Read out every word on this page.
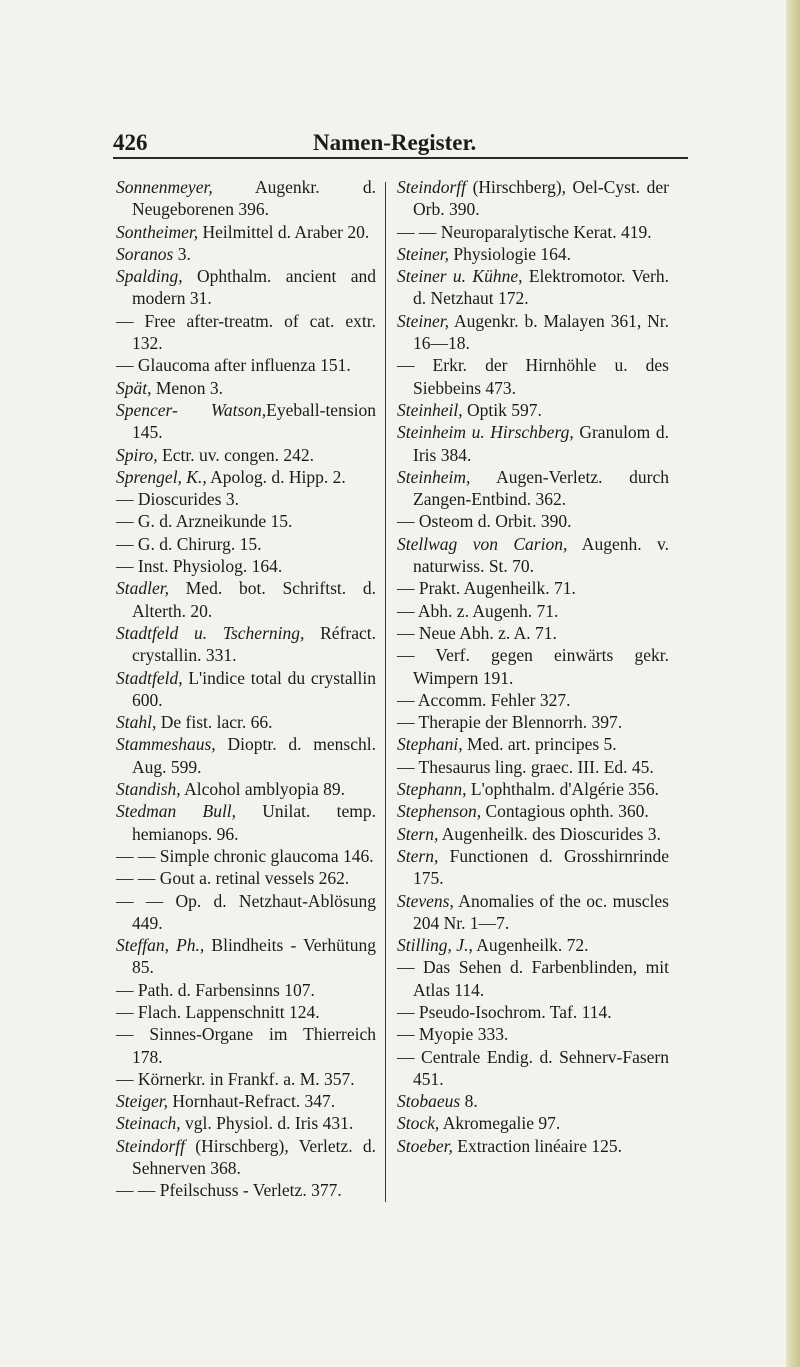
426	Namen-Register.
Sonnenmeyer, Augenkr. d. Neugeborenen 396.
Sontheimer, Heilmittel d. Araber 20.
Soranos 3.
Spalding, Ophthalm. ancient and modern 31.
— Free after-treatm. of cat. extr. 132.
— Glaucoma after influenza 151.
Spät, Menon 3.
Spencer- Watson,Eyeball-tension 145.
Spiro, Ectr. uv. congen. 242.
Sprengel, K., Apolog. d. Hipp. 2.
— Dioscurides 3.
— G. d. Arzneikunde 15.
— G. d. Chirurg. 15.
— Inst. Physiolog. 164.
Stadler, Med. bot. Schriftst. d. Alterth. 20.
Stadtfeld u. Tscherning, Réfract. crystallin. 331.
Stadtfeld, L'indice total du crystallin 600.
Stahl, De fist. lacr. 66.
Stammeshaus, Dioptr. d. menschl. Aug. 599.
Standish, Alcohol amblyopia 89.
Stedman Bull, Unilat. temp. hemianops. 96.
— — Simple chronic glaucoma 146.
— — Gout a. retinal vessels 262.
— — Op. d. Netzhaut-Ablösung 449.
Steffan, Ph., Blindheits - Verhütung 85.
— Path. d. Farbensinns 107.
— Flach. Lappenschnitt 124.
— Sinnes-Organe im Thierreich 178.
— Körnerkr. in Frankf. a. M. 357.
Steiger, Hornhaut-Refract. 347.
Steinach, vgl. Physiol. d. Iris 431.
Steindorff (Hirschberg), Verletz. d. Sehnerven 368.
— — Pfeilschuss - Verletz. 377.
Steindorff (Hirschberg), Oel-Cyst. der Orb. 390.
— — Neuroparalytische Kerat. 419.
Steiner, Physiologie 164.
Steiner u. Kühne, Elektromotor. Verh. d. Netzhaut 172.
Steiner, Augenkr. b. Malayen 361, Nr. 16—18.
— Erkr. der Hirnhöhle u. des Siebbeins 473.
Steinheil, Optik 597.
Steinheim u. Hirschberg, Granulom d. Iris 384.
Steinheim, Augen-Verletz. durch Zangen-Entbind. 362.
— Osteom d. Orbit. 390.
Stellwag von Carion, Augenh. v. naturwiss. St. 70.
— Prakt. Augenheilk. 71.
— Abh. z. Augenh. 71.
— Neue Abh. z. A. 71.
— Verf. gegen einwärts gekr. Wimpern 191.
— Accomm. Fehler 327.
— Therapie der Blennorrh. 397.
Stephani, Med. art. principes 5.
— Thesaurus ling. graec. III. Ed. 45.
Stephann, L'ophthalm. d'Algérie 356.
Stephenson, Contagious ophth. 360.
Stern, Augenheilk. des Dioscurides 3.
Stern, Functionen d. Grosshirnrinde 175.
Stevens, Anomalies of the oc. muscles 204 Nr. 1—7.
Stilling, J., Augenheilk. 72.
— Das Sehen d. Farbenblinden, mit Atlas 114.
— Pseudo-Isochrom. Taf. 114.
— Myopie 333.
— Centrale Endig. d. Sehnerv-Fasern 451.
Stobaeus 8.
Stock, Akromegalie 97.
Stoeber, Extraction linéaire 125.
